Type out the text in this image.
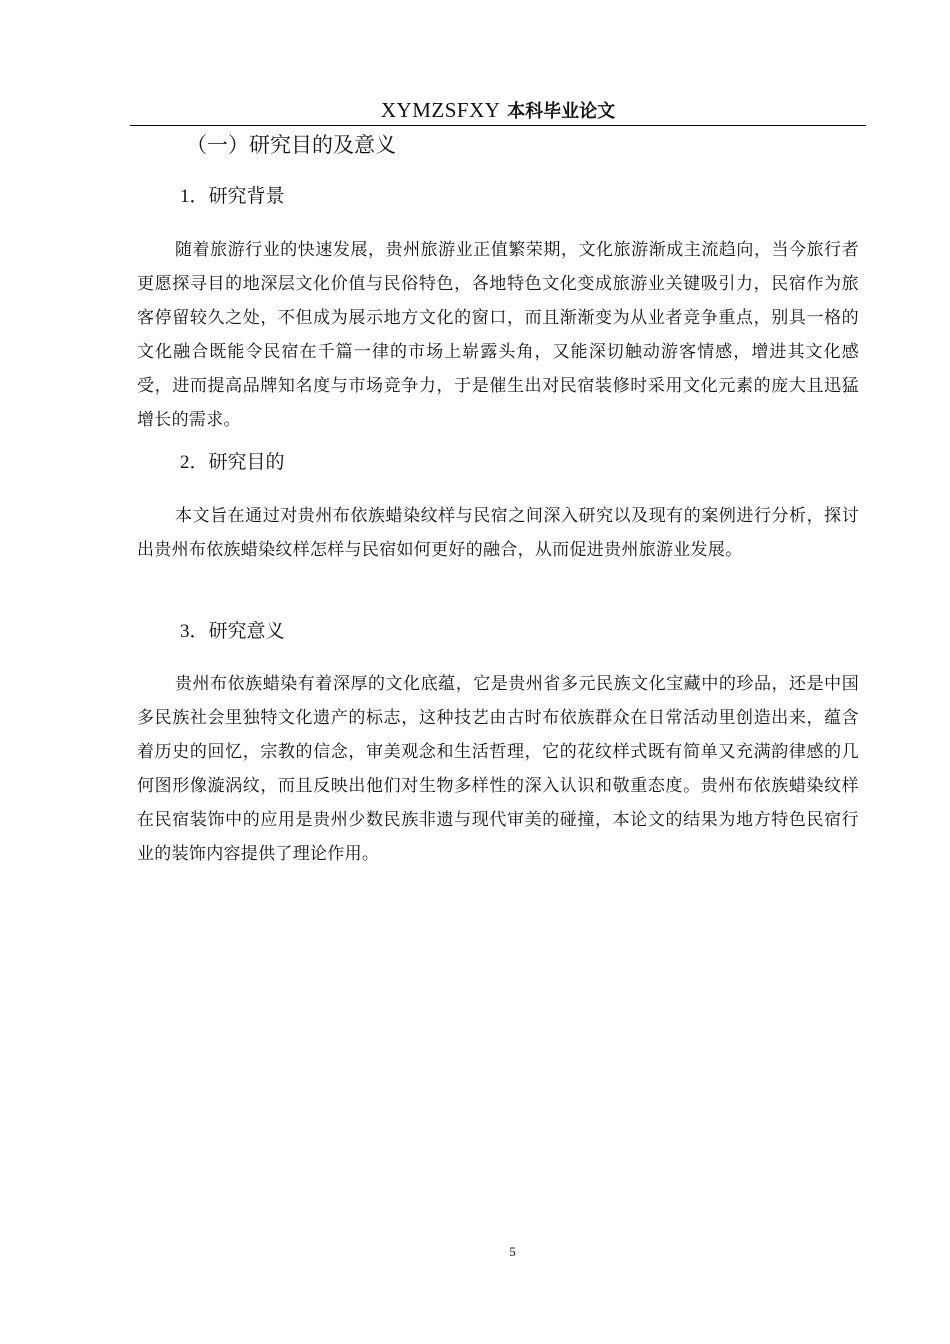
XYMZSFXY 本科毕业论文
（一）研究目的及意义
1．研究背景
随着旅游行业的快速发展，贵州旅游业正值繁荣期，文化旅游渐成主流趋向，当今旅行者更愿探寻目的地深层文化价值与民俗特色，各地特色文化变成旅游业关键吸引力，民宿作为旅客停留较久之处，不但成为展示地方文化的窗口，而且渐渐变为从业者竞争重点，别具一格的文化融合既能令民宿在千篇一律的市场上崭露头角，又能深切触动游客情感，增进其文化感受，进而提高品牌知名度与市场竞争力，于是催生出对民宿装修时采用文化元素的庞大且迅猛增长的需求。
2．研究目的
本文旨在通过对贵州布依族蜡染纹样与民宿之间深入研究以及现有的案例进行分析，探讨出贵州布依族蜡染纹样怎样与民宿如何更好的融合，从而促进贵州旅游业发展。
3．研究意义
贵州布依族蜡染有着深厚的文化底蕴，它是贵州省多元民族文化宝藏中的珍品，还是中国多民族社会里独特文化遗产的标志，这种技艺由古时布依族群众在日常活动里创造出来，蕴含着历史的回忆，宗教的信念，审美观念和生活哲理，它的花纹样式既有简单又充满韵律感的几何图形像漩涡纹，而且反映出他们对生物多样性的深入认识和敬重态度。贵州布依族蜡染纹样在民宿装饰中的应用是贵州少数民族非遗与现代审美的碰撞，本论文的结果为地方特色民宿行业的装饰内容提供了理论作用。
5
